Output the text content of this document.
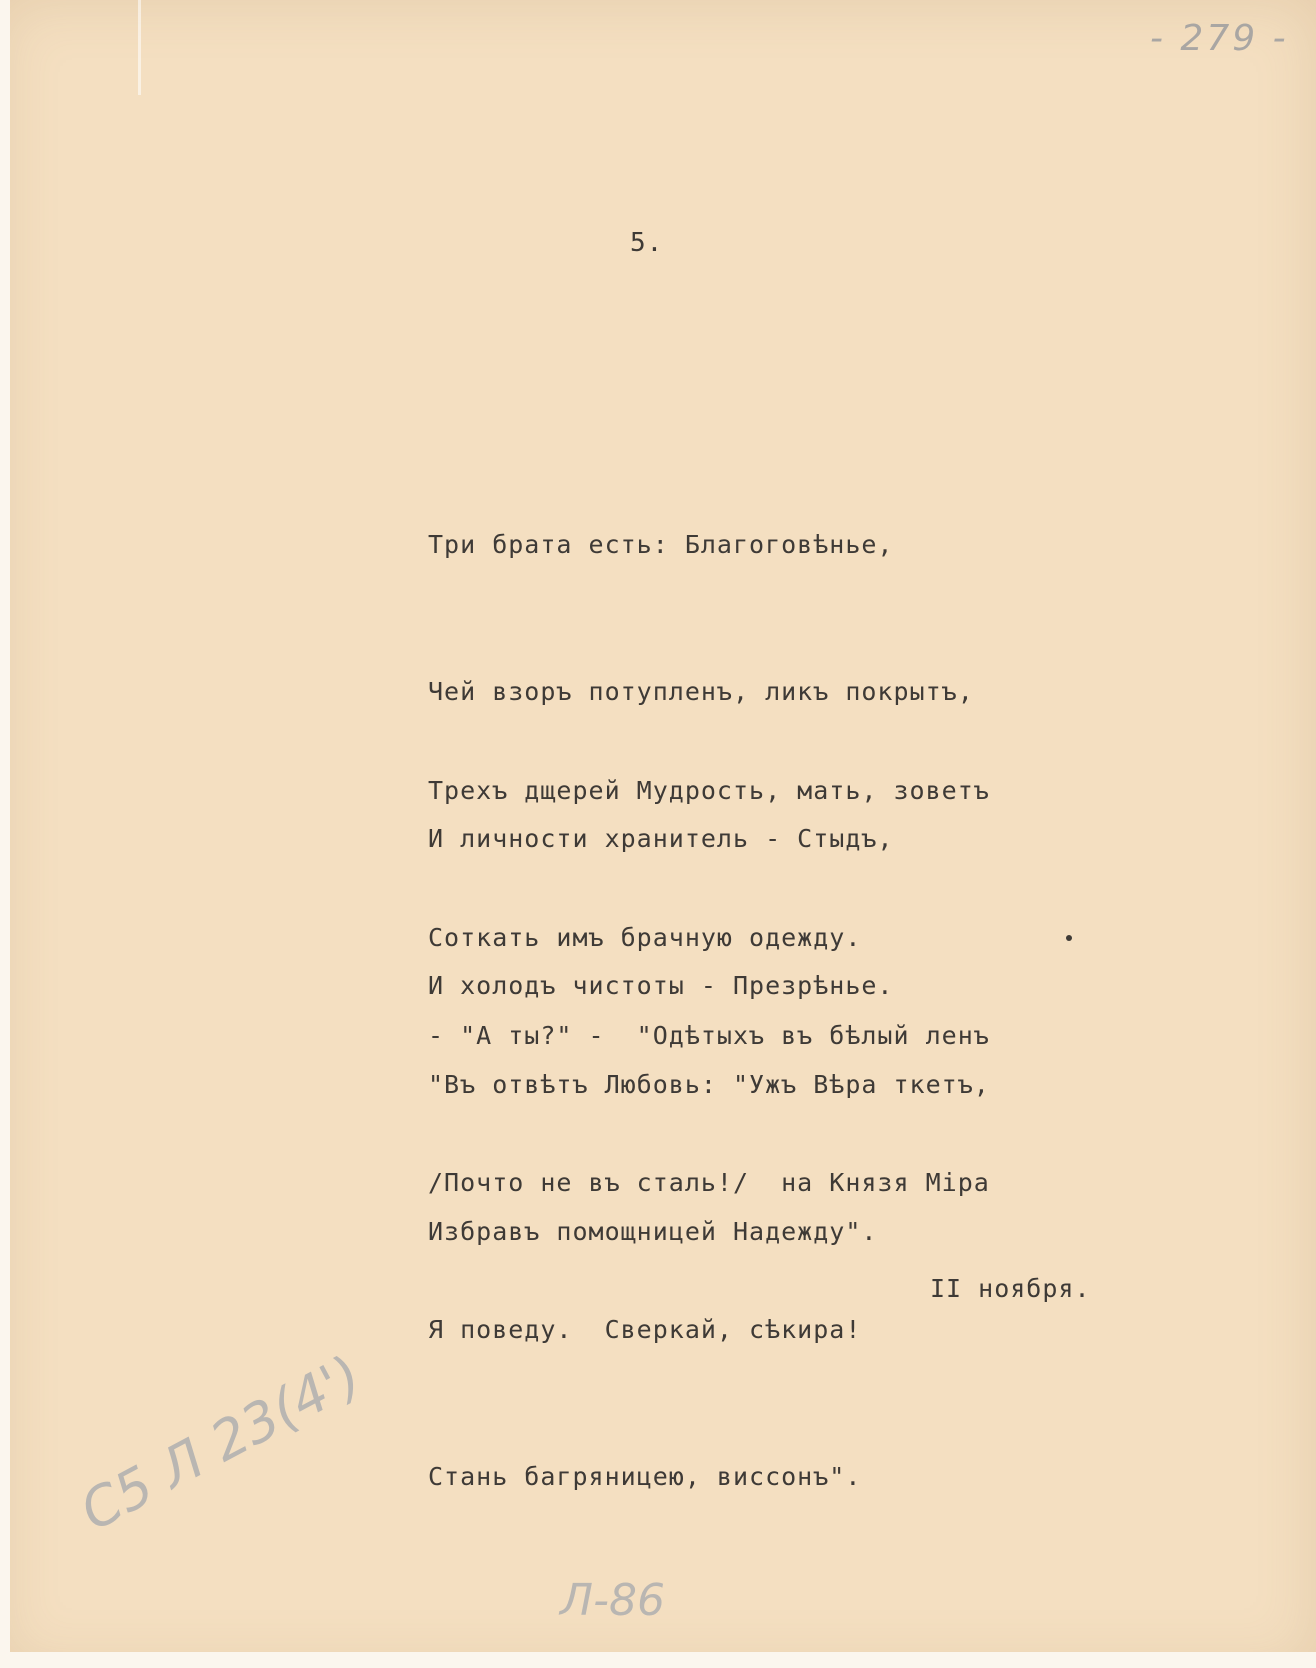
- 279 -
5.

Три брата есть: Благоговѣнье,

Чей взоръ потупленъ, ликъ покрытъ,

И личности хранитель - Стыдъ,

И холодъ чистоты - Презрѣнье.

Трехъ дщерей Мудрость, мать, зоветъ

Соткать имъ брачную одежду.

"Въ отвѣтъ Любовь: "Ужъ Вѣра ткетъ,

Избравъ помощницей Надежду".

- "А ты?" -  "Одѣтыхъ въ бѣлый ленъ

/Почто не въ сталь!/  на Князя Міра

Я поведу.  Сверкай, сѣкира!

Стань багряницею, виссонъ".

II ноября.
С5 Л 23(4')
Л-86
